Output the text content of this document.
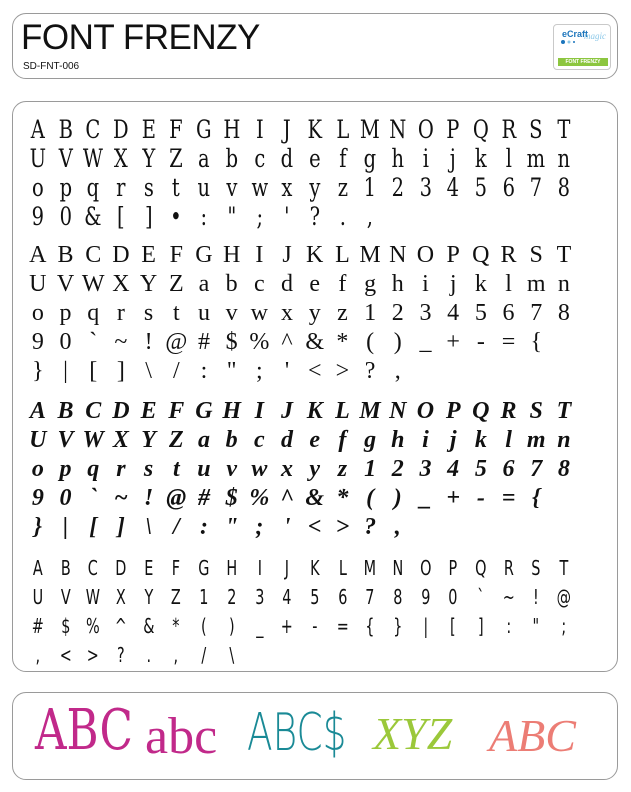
FONT FRENZY
SD-FNT-006
eCraft
magic
FONT FRENZY
A B C D E F G H I J K L M N O P Q R S T
U V W X Y Z a b c d e f g h i j k l m n
o p q r s t u v w x y z 1 2 3 4 5 6 7 8
9 0 & [ ] • : " ; ' ? . ,
A B C D E F G H I J K L M N O P Q R S T
U V W X Y Z a b c d e f g h i j k l m n
o p q r s t u v w x y z 1 2 3 4 5 6 7 8
9 0 ` ~ ! @ # $ % ^ & * ( ) _ + - = {
} | [ ] \ / : " ; ' < > ? ,
A B C D E F G H I J K L M N O P Q R S T
U V W X Y Z a b c d e f g h i j k l m n
o p q r s t u v w x y z 1 2 3 4 5 6 7 8
9 0 ` ~ ! @ # $ % ^ & * ( ) _ + - = {
} | [ ] \ / : " ; ' < > ? ,
A B C D E F G H	I	J	K L M N O P Q R S T
U V W X Y Z 1 2 3 4 5 6 7 8 9 0 ` ~ ! @
# $ % ^ & *	(	)	_ + - = { }	|	[	]	:	"	;
, < > ?	.	,	/	\
ABC abc ABC$ XYZ ABC
